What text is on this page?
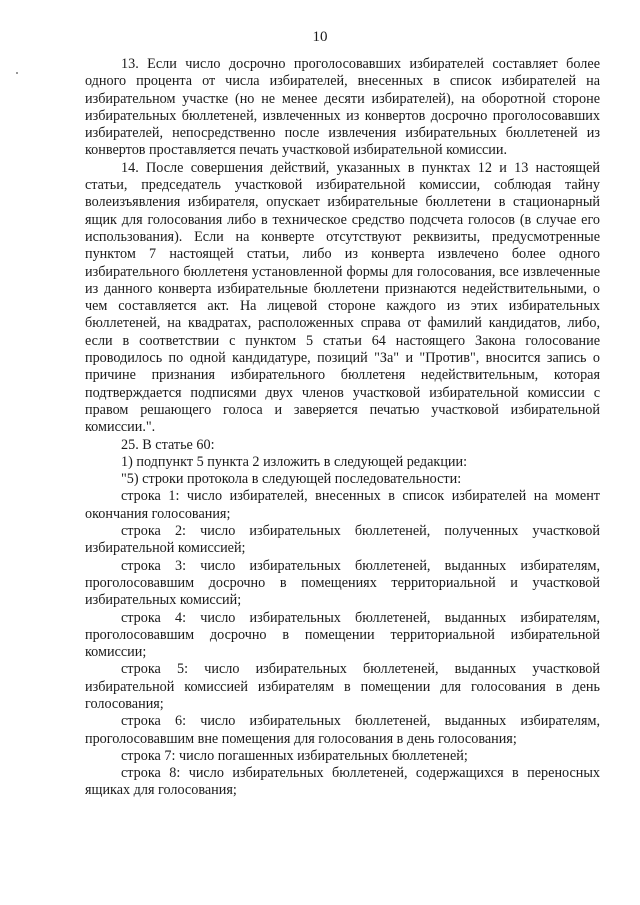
10

13. Если число досрочно проголосовавших избирателей составляет более одного процента от числа избирателей, внесенных в список избирателей на избирательном участке (но не менее десяти избирателей), на оборотной стороне избирательных бюллетеней, извлеченных из конвертов досрочно проголосовавших избирателей, непосредственно после извлечения избирательных бюллетеней из конвертов проставляется печать участковой избирательной комиссии.

14. После совершения действий, указанных в пунктах 12 и 13 настоящей статьи, председатель участковой избирательной комиссии, соблюдая тайну волеизъявления избирателя, опускает избирательные бюллетени в стационарный ящик для голосования либо в техническое средство подсчета голосов (в случае его использования). Если на конверте отсутствуют реквизиты, предусмотренные пунктом 7 настоящей статьи, либо из конверта извлечено более одного избирательного бюллетеня установленной формы для голосования, все извлеченные из данного конверта избирательные бюллетени признаются недействительными, о чем составляется акт. На лицевой стороне каждого из этих избирательных бюллетеней, на квадратах, расположенных справа от фамилий кандидатов, либо, если в соответствии с пунктом 5 статьи 64 настоящего Закона голосование проводилось по одной кандидатуре, позиций "За" и "Против", вносится запись о причине признания избирательного бюллетеня недействительным, которая подтверждается подписями двух членов участковой избирательной комиссии с правом решающего голоса и заверяется печатью участковой избирательной комиссии.".

25. В статье 60:

1) подпункт 5 пункта 2 изложить в следующей редакции:

"5) строки протокола в следующей последовательности:

строка 1: число избирателей, внесенных в список избирателей на момент окончания голосования;

строка 2: число избирательных бюллетеней, полученных участковой избирательной комиссией;

строка 3: число избирательных бюллетеней, выданных избирателям, проголосовавшим досрочно в помещениях территориальной и участковой избирательных комиссий;

строка 4: число избирательных бюллетеней, выданных избирателям, проголосовавшим досрочно в помещении территориальной избирательной комиссии;

строка 5: число избирательных бюллетеней, выданных участковой избирательной комиссией избирателям в помещении для голосования в день голосования;

строка 6: число избирательных бюллетеней, выданных избирателям, проголосовавшим вне помещения для голосования в день голосования;

строка 7: число погашенных избирательных бюллетеней;

строка 8: число избирательных бюллетеней, содержащихся в переносных ящиках для голосования;
